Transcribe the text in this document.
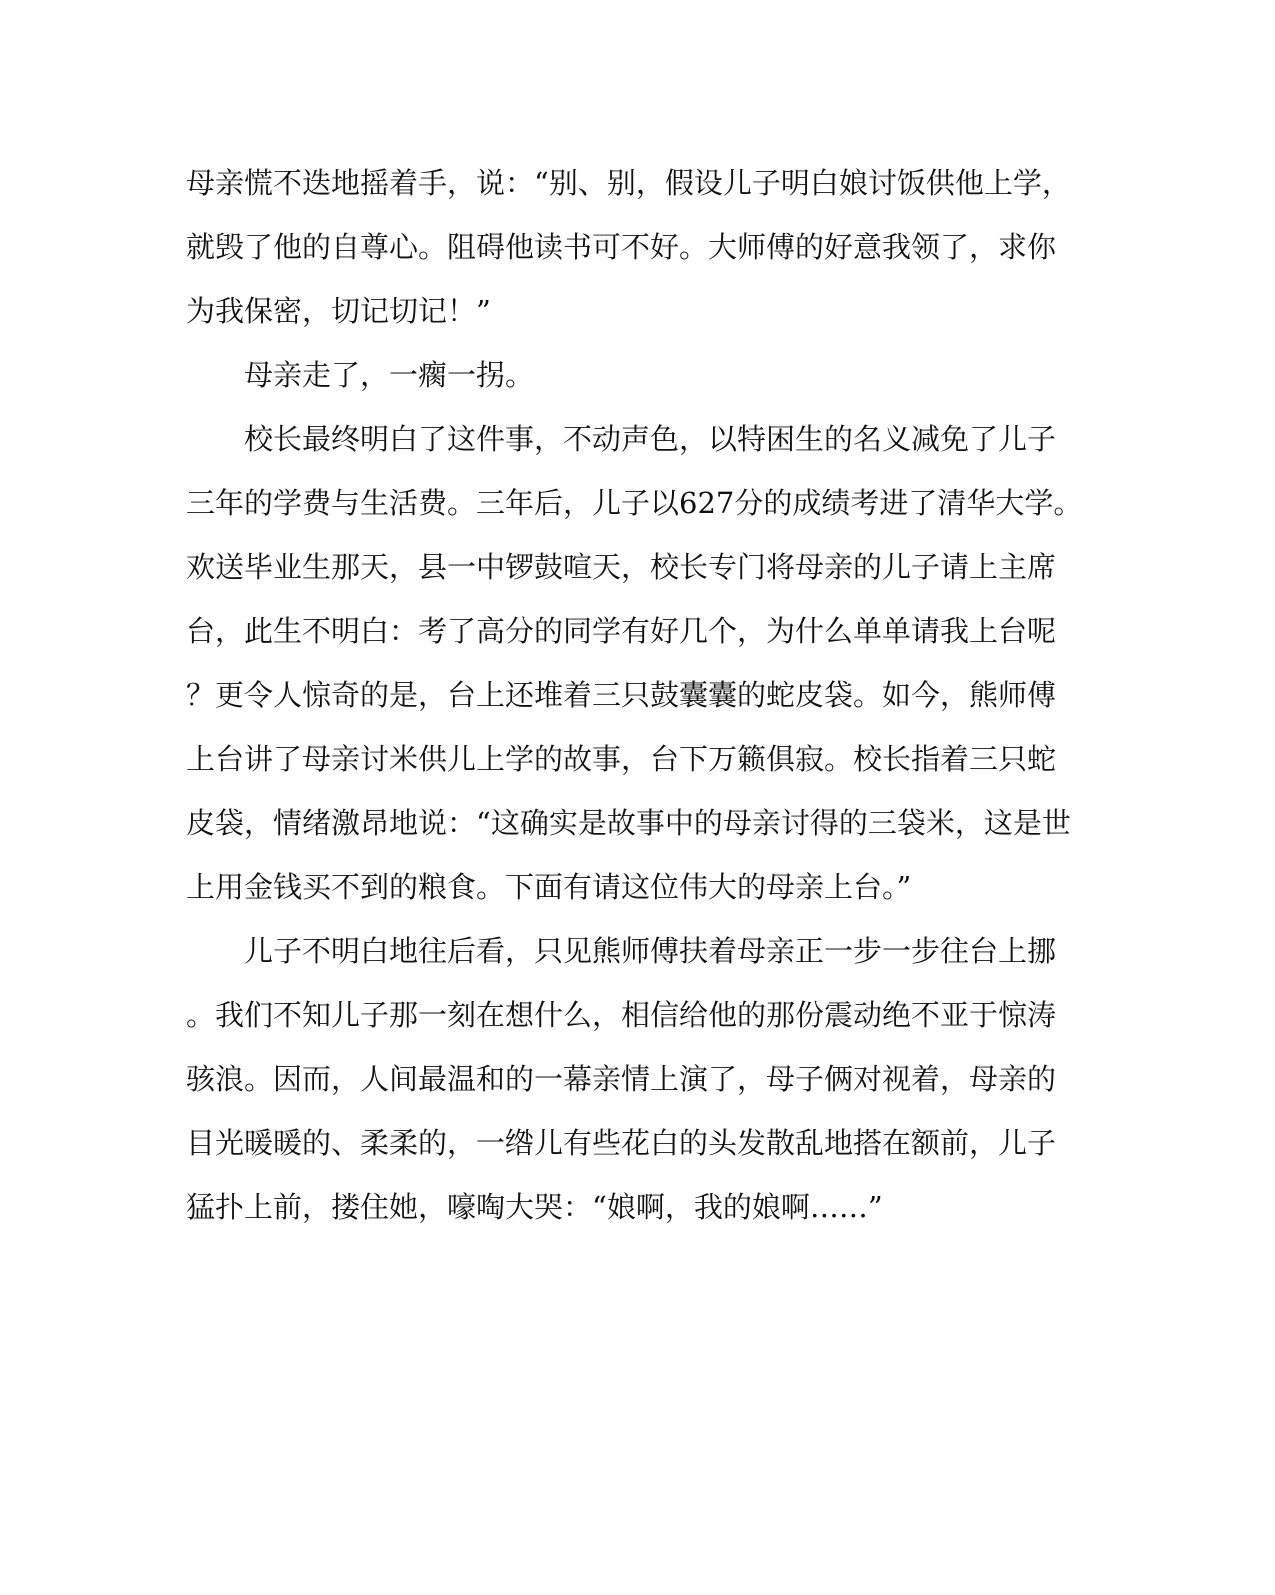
母亲慌不迭地摇着手，说：“别、别，假设儿子明白娘讨饭供他上学，
就毁了他的自尊心。阻碍他读书可不好。大师傅的好意我领了，求你
为我保密，切记切记！”
母亲走了，一瘸一拐。
校长最终明白了这件事，不动声色，以特困生的名义减免了儿子
三年的学费与生活费。三年后，儿子以627分的成绩考进了清华大学。
欢送毕业生那天，县一中锣鼓喧天，校长专门将母亲的儿子请上主席
台，此生不明白：考了高分的同学有好几个，为什么单单请我上台呢
？更令人惊奇的是，台上还堆着三只鼓囊囊的蛇皮袋。如今，熊师傅
上台讲了母亲讨米供儿上学的故事，台下万籁俱寂。校长指着三只蛇
皮袋，情绪激昂地说：“这确实是故事中的母亲讨得的三袋米，这是世
上用金钱买不到的粮食。下面有请这位伟大的母亲上台。”
儿子不明白地往后看，只见熊师傅扶着母亲正一步一步往台上挪
。我们不知儿子那一刻在想什么，相信给他的那份震动绝不亚于惊涛
骇浪。因而，人间最温和的一幕亲情上演了，母子俩对视着，母亲的
目光暖暖的、柔柔的，一绺儿有些花白的头发散乱地搭在额前，儿子
猛扑上前，搂住她，嚎啕大哭：“娘啊，我的娘啊……”
